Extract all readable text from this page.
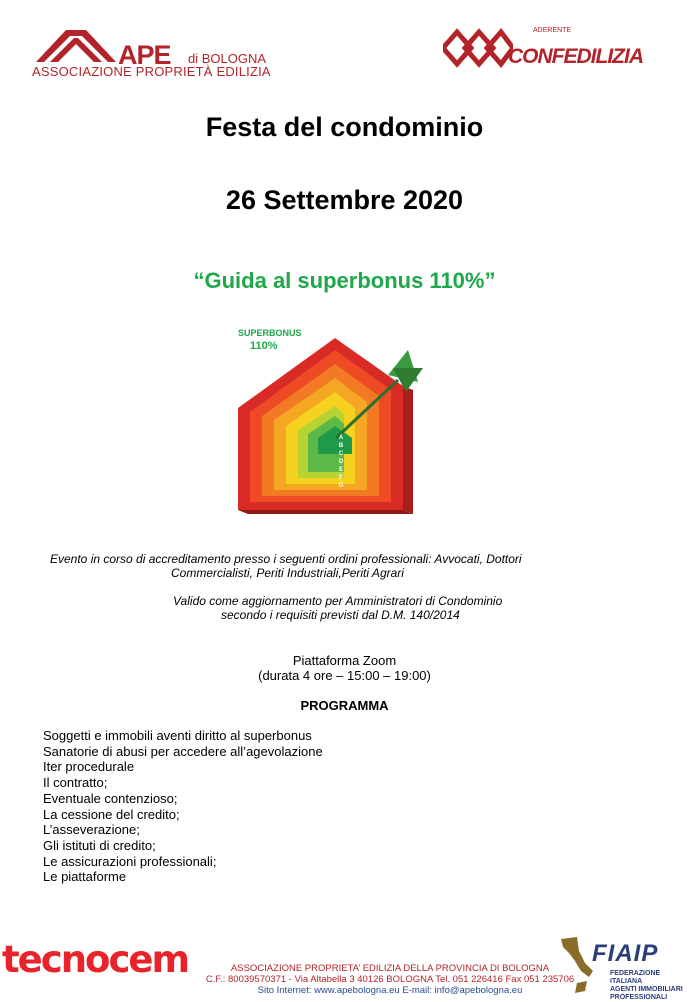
APE di BOLOGNA
ASSOCIAZIONE PROPRIETÀ EDILIZIA
ADERENTE
CONFEDILIZIA
Festa del condominio
26 Settembre 2020
“Guida al superbonus 110%”
SUPERBONUS
110%
A
B
C
D
E
F
G
Evento in corso di accreditamento presso i seguenti ordini professionali: Avvocati, Dottori
Commercialisti, Periti Industriali,Periti Agrari
Valido come aggiornamento per Amministratori di Condominio
secondo i requisiti previsti dal D.M. 140/2014
Piattaforma Zoom
(durata 4 ore – 15:00 – 19:00)
PROGRAMMA
Soggetti e immobili aventi diritto al superbonus
Sanatorie di abusi per accedere all’agevolazione
Iter procedurale
Il contratto;
Eventuale contenzioso;
La cessione del credito;
L’asseverazione;
Gli istituti di credito;
Le assicurazioni professionali;
Le piattaforme
tecnocem	ASSOCIAZIONE PROPRIETA’ EDILIZIA DELLA PROVINCIA DI BOLOGNA
C.F.: 80039570371 - Via Altabella 3 40126 BOLOGNA Tel. 051 226416 Fax 051 235706
Sito Internet: www.apebologna.eu E-mail: info@apebologna.eu
FIAIP
FEDERAZIONE ITALIANA
AGENTI IMMOBILIARI
PROFESSIONALI
